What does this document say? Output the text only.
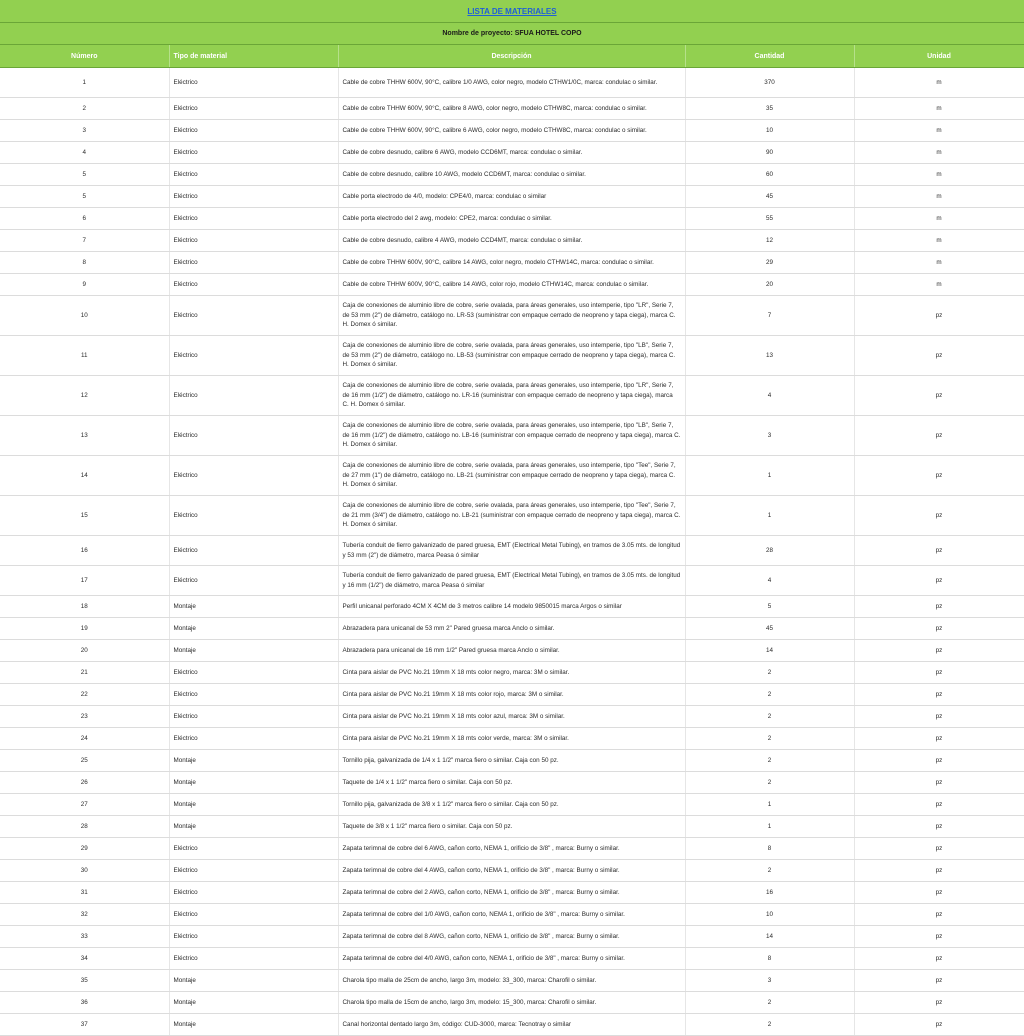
LISTA DE MATERIALES
Nombre de proyecto: SFUA HOTEL COPO
Número	Tipo de material	Descripción	Cantidad	Unidad
1	Eléctrico	Cable de cobre THHW 600V, 90°C, calibre 1/0 AWG, color negro, modelo CTHW1/0C, marca: condulac o similar.	370	m
2	Eléctrico	Cable de cobre THHW 600V, 90°C, calibre 8 AWG, color negro, modelo CTHW8C, marca: condulac o similar.	35	m
3	Eléctrico	Cable de cobre THHW 600V, 90°C, calibre 6 AWG, color negro, modelo CTHW8C, marca: condulac o similar.	10	m
4	Eléctrico	Cable de cobre desnudo, calibre 6 AWG, modelo CCD6MT, marca: condulac o similar.	90	m
5	Eléctrico	Cable de cobre desnudo, calibre 10 AWG, modelo CCD6MT, marca: condulac o similar.	60	m
5	Eléctrico	Cable porta electrodo de 4/0, modelo: CPE4/0, marca: condulac o similar	45	m
6	Eléctrico	Cable porta electrodo del 2 awg, modelo: CPE2, marca: condulac o similar.	55	m
7	Eléctrico	Cable de cobre desnudo, calibre 4 AWG, modelo CCD4MT, marca: condulac o similar.	12	m
8	Eléctrico	Cable de cobre THHW 600V, 90°C, calibre 14 AWG, color negro, modelo CTHW14C, marca: condulac o similar.	29	m
9	Eléctrico	Cable de cobre THHW 600V, 90°C, calibre 14 AWG, color rojo, modelo CTHW14C, marca: condulac o similar.	20	m
10	Eléctrico	Caja de conexiones de aluminio libre de cobre, serie ovalada, para áreas generales, uso intemperie, tipo "LR", Serie 7, de 53 mm (2") de diámetro, catálogo no. LR-53 (suministrar con empaque cerrado de neopreno y tapa ciega), marca C. H. Domex ó similar.	7	pz
11	Eléctrico	Caja de conexiones de aluminio libre de cobre, serie ovalada, para áreas generales, uso intemperie, tipo "LB", Serie 7, de 53 mm (2") de diámetro, catálogo no. LB-53 (suministrar con empaque cerrado de neopreno y tapa ciega), marca C. H. Domex ó similar.	13	pz
12	Eléctrico	Caja de conexiones de aluminio libre de cobre, serie ovalada, para áreas generales, uso intemperie, tipo "LR", Serie 7, de 16 mm (1/2") de diámetro, catálogo no. LR-16 (suministrar con empaque cerrado de neopreno y tapa ciega), marca C. H. Domex ó similar.	4	pz
13	Eléctrico	Caja de conexiones de aluminio libre de cobre, serie ovalada, para áreas generales, uso intemperie, tipo "LB", Serie 7, de 16 mm (1/2") de diámetro, catálogo no. LB-16 (suministrar con empaque cerrado de neopreno y tapa ciega), marca C. H. Domex ó similar.	3	pz
14	Eléctrico	Caja de conexiones de aluminio libre de cobre, serie ovalada, para áreas generales, uso intemperie, tipo "Tee", Serie 7, de 27 mm (1") de diámetro, catálogo no. LB-21 (suministrar con empaque cerrado de neopreno y tapa ciega), marca C. H. Domex ó similar.	1	pz
15	Eléctrico	Caja de conexiones de aluminio libre de cobre, serie ovalada, para áreas generales, uso intemperie, tipo "Tee", Serie 7, de 21 mm (3/4") de diámetro, catálogo no. LB-21 (suministrar con empaque cerrado de neopreno y tapa ciega), marca C. H. Domex ó similar.	1	pz
16	Eléctrico	Tubería conduit de fierro galvanizado de pared gruesa, EMT (Electrical Metal Tubing), en tramos de 3.05 mts. de longitud y 53 mm (2") de diámetro, marca Peasa ó similar	28	pz
17	Eléctrico	Tubería conduit de fierro galvanizado de pared gruesa, EMT (Electrical Metal Tubing), en tramos de 3.05 mts. de longitud y 16 mm (1/2") de diámetro, marca Peasa ó similar	4	pz
18	Montaje	Perfil unicanal perforado 4CM X 4CM de 3 metros calibre 14 modelo 9850015 marca Argos o similar	5	pz
19	Montaje	Abrazadera para unicanal de 53 mm 2" Pared gruesa marca Anclo o similar.	45	pz
20	Montaje	Abrazadera para unicanal de 16 mm 1/2" Pared gruesa marca Anclo o similar.	14	pz
21	Eléctrico	Cinta para aislar de PVC No.21 19mm X 18 mts color negro, marca: 3M o similar.	2	pz
22	Eléctrico	Cinta para aislar de PVC No.21 19mm X 18 mts color rojo, marca: 3M o similar.	2	pz
23	Eléctrico	Cinta para aislar de PVC No.21 19mm X 18 mts color azul, marca: 3M o similar.	2	pz
24	Eléctrico	Cinta para aislar de PVC No.21 19mm X 18 mts color verde, marca: 3M o similar.	2	pz
25	Montaje	Tornillo pija, galvanizada de 1/4 x 1 1/2" marca fiero o similar. Caja con 50 pz.	2	pz
26	Montaje	Taquete de 1/4 x 1 1/2" marca fiero o similar. Caja con 50 pz.	2	pz
27	Montaje	Tornillo pija, galvanizada de 3/8 x 1 1/2" marca fiero o similar. Caja con 50 pz.	1	pz
28	Montaje	Taquete de 3/8 x 1 1/2" marca fiero o similar. Caja con 50 pz.	1	pz
29	Eléctrico	Zapata terimnal de cobre del 6 AWG, cañon corto, NEMA 1, orificio de 3/8" , marca: Burny o similar.	8	pz
30	Eléctrico	Zapata terimnal de cobre del 4 AWG, cañon corto, NEMA 1, orificio de 3/8" , marca: Burny o similar.	2	pz
31	Eléctrico	Zapata terimnal de cobre del 2 AWG, cañon corto, NEMA 1, orificio de 3/8" , marca: Burny o similar.	16	pz
32	Eléctrico	Zapata terimnal de cobre del 1/0 AWG, cañon corto, NEMA 1, orificio de 3/8" , marca: Burny o similar.	10	pz
33	Eléctrico	Zapata terimnal de cobre del 8 AWG, cañon corto, NEMA 1, orificio de 3/8" , marca: Burny o similar.	14	pz
34	Eléctrico	Zapata terimnal de cobre del 4/0 AWG, cañon corto, NEMA 1, orificio de 3/8" , marca: Burny o similar.	8	pz
35	Montaje	Charola tipo malla de 25cm de ancho, largo 3m, modelo: 33_300, marca: Charofil o similar.	3	pz
36	Montaje	Charola tipo malla de 15cm de ancho, largo 3m, modelo: 15_300, marca: Charofil o similar.	2	pz
37	Montaje	Canal horizontal dentado largo 3m, código: CUD-3000, marca: Tecnotray o similar	2	pz
